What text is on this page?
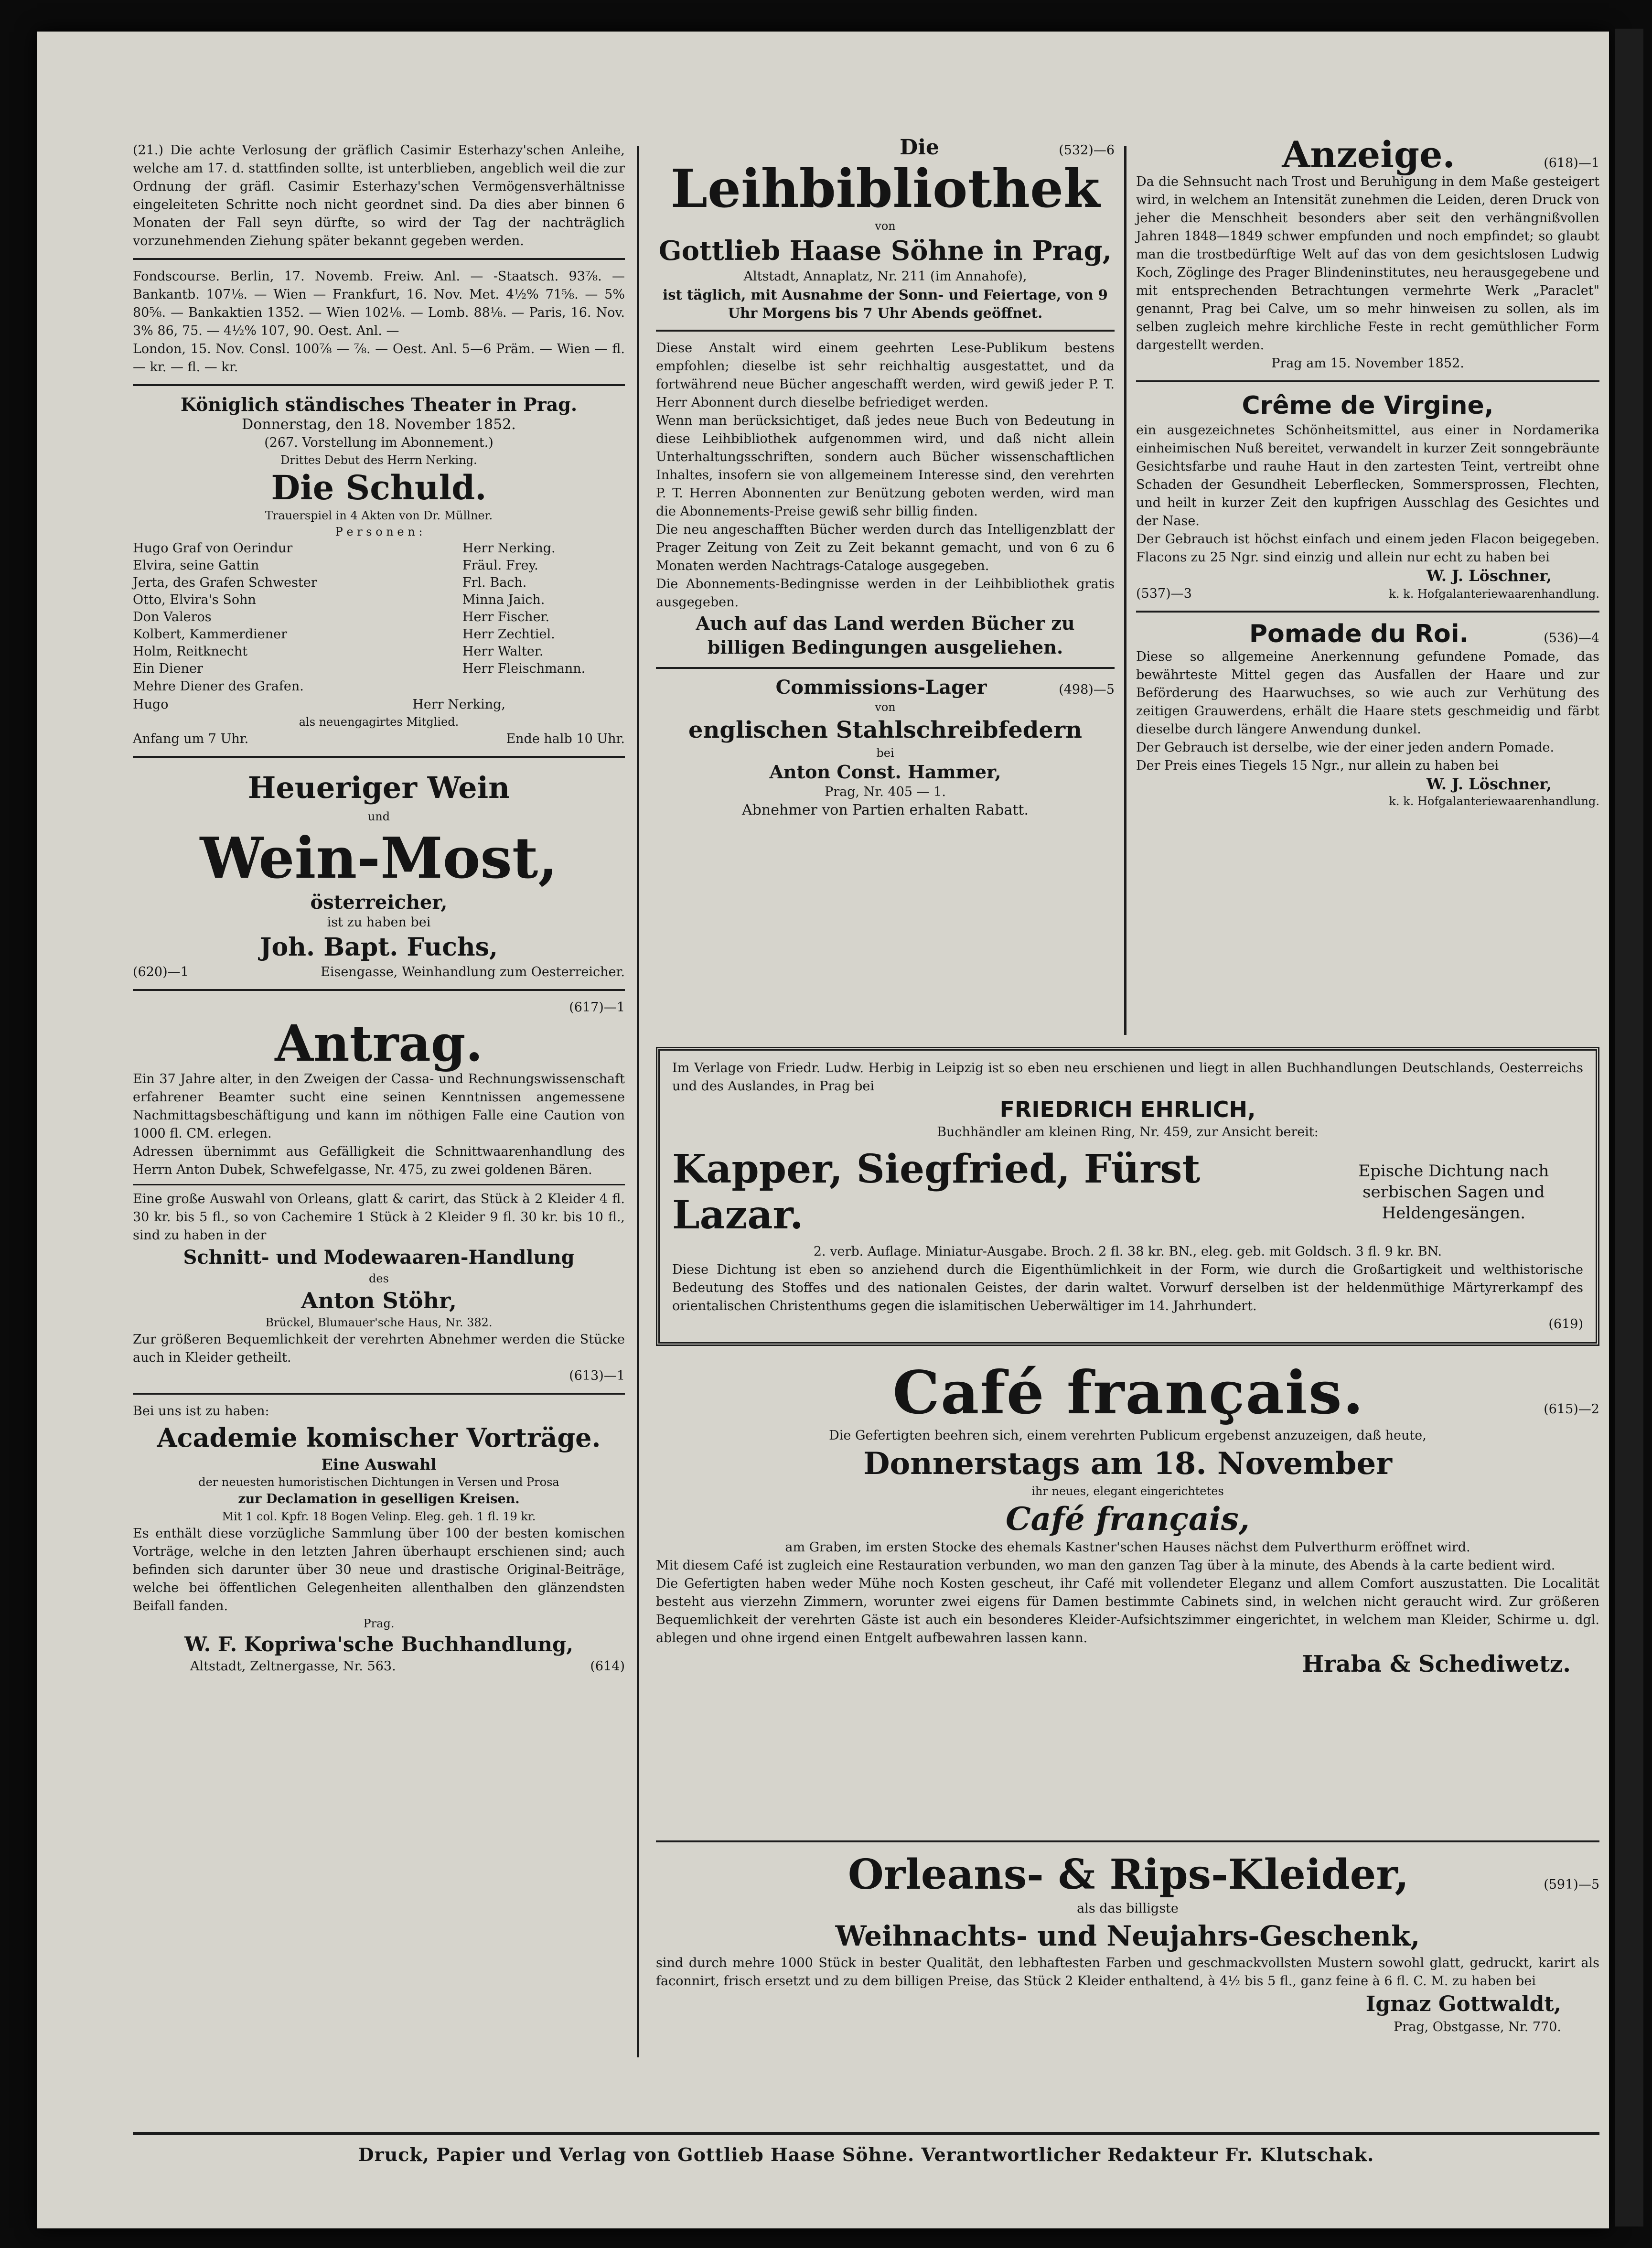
(21.) Die achte Verlosung der gräflich Casimir Esterhazy'schen Anleihe, welche am 17. d. stattfinden sollte, ist unterblieben, angeblich weil die zur Ordnung der gräfl. Casimir Esterhazy'schen Vermögensverhältnisse eingeleiteten Schritte noch nicht geordnet sind. Da dies aber binnen 6 Monaten der Fall seyn dürfte, so wird der Tag der nachträglich vorzunehmenden Ziehung später bekannt gegeben werden.

Fondscourse. Berlin, 17. Novemb. Freiw. Anl. — -Staatsch. 93⅞. — Bankantb. 107⅛. — Wien — Frankfurt, 16. Nov. Met. 4½% 71⅝. — 5% 80⅝. — Bankaktien 1352. — Wien 102⅛. — Lomb. 88⅛. — Paris, 16. Nov. 3% 86, 75. — 4½% 107, 90. Oest. Anl. —

London, 15. Nov. Consl. 100⅞ — ⅞. — Oest. Anl. 5—6 Präm. — Wien — fl. — kr. — fl. — kr.

Königlich ständisches Theater in Prag.

Donnerstag, den 18. November 1852.

(267. Vorstellung im Abonnement.)

Drittes Debut des Herrn Nerking.

Die Schuld.

Trauerspiel in 4 Akten von Dr. Müllner.

P e r s o n e n :

Hugo Graf von Oerindur	Herr Nerking.
Elvira, seine Gattin	Fräul. Frey.
Jerta, des Grafen Schwester	Frl. Bach.
Otto, Elvira's Sohn	Minna Jaich.
Don Valeros	Herr Fischer.
Kolbert, Kammerdiener	Herr Zechtiel.
Holm, Reitknecht	Herr Walter.
Ein Diener	Herr Fleischmann.

Mehre Diener des Grafen.

Hugo	Herr Nerking,

als neuengagirtes Mitglied.

Anfang um 7 Uhr.	Ende halb 10 Uhr.

Heueriger Wein

und

Wein-Most,

österreicher,

ist zu haben bei

Joh. Bapt. Fuchs,

(620)—1	Eisengasse, Weinhandlung zum Oesterreicher.

(617)—1

Antrag.

Ein 37 Jahre alter, in den Zweigen der Cassa- und Rechnungswissenschaft erfahrener Beamter sucht eine seinen Kenntnissen angemessene Nachmittagsbeschäftigung und kann im nöthigen Falle eine Caution von 1000 fl. CM. erlegen.

Adressen übernimmt aus Gefälligkeit die Schnittwaarenhandlung des Herrn Anton Dubek, Schwefelgasse, Nr. 475, zu zwei goldenen Bären.

Eine große Auswahl von Orleans, glatt & carirt, das Stück à 2 Kleider 4 fl. 30 kr. bis 5 fl., so von Cachemire 1 Stück à 2 Kleider 9 fl. 30 kr. bis 10 fl., sind zu haben in der

Schnitt- und Modewaaren-Handlung

des

Anton Stöhr,

Brückel, Blumauer'sche Haus, Nr. 382.

Zur größeren Bequemlichkeit der verehrten Abnehmer werden die Stücke auch in Kleider getheilt.

(613)—1

Bei uns ist zu haben:

Academie komischer Vorträge.

Eine Auswahl

der neuesten humoristischen Dichtungen in Versen und Prosa

zur Declamation in geselligen Kreisen.

Mit 1 col. Kpfr. 18 Bogen Velinp. Eleg. geh. 1 fl. 19 kr.

Es enthält diese vorzügliche Sammlung über 100 der besten komischen Vorträge, welche in den letzten Jahren überhaupt erschienen sind; auch befinden sich darunter über 30 neue und drastische Original-Beiträge, welche bei öffentlichen Gelegenheiten allenthalben den glänzendsten Beifall fanden.

Prag.

W. F. Kopriwa'sche Buchhandlung,

Altstadt, Zeltnergasse, Nr. 563.	(614)
Die	(532)—6

Leihbibliothek

von

Gottlieb Haase Söhne in Prag,

Altstadt, Annaplatz, Nr. 211 (im Annahofe),

ist täglich, mit Ausnahme der Sonn- und Feiertage, von 9 Uhr Morgens bis 7 Uhr Abends geöffnet.

Diese Anstalt wird einem geehrten Lese-Publikum bestens empfohlen; dieselbe ist sehr reichhaltig ausgestattet, und da fortwährend neue Bücher angeschafft werden, wird gewiß jeder P. T. Herr Abonnent durch dieselbe befriediget werden.

Wenn man berücksichtiget, daß jedes neue Buch von Bedeutung in diese Leihbibliothek aufgenommen wird, und daß nicht allein Unterhaltungsschriften, sondern auch Bücher wissenschaftlichen Inhaltes, insofern sie von allgemeinem Interesse sind, den verehrten P. T. Herren Abonnenten zur Benützung geboten werden, wird man die Abonnements-Preise gewiß sehr billig finden.

Die neu angeschafften Bücher werden durch das Intelligenzblatt der Prager Zeitung von Zeit zu Zeit bekannt gemacht, und von 6 zu 6 Monaten werden Nachtrags-Cataloge ausgegeben.

Die Abonnements-Bedingnisse werden in der Leihbibliothek gratis ausgegeben.

Auch auf das Land werden Bücher zu billigen Bedingungen ausgeliehen.

Commissions-Lager	(498)—5

von

englischen Stahlschreibfedern

bei

Anton Const. Hammer,

Prag, Nr. 405 — 1.

Abnehmer von Partien erhalten Rabatt.

Anzeige.	(618)—1

Da die Sehnsucht nach Trost und Beruhigung in dem Maße gesteigert wird, in welchem an Intensität zunehmen die Leiden, deren Druck von jeher die Menschheit besonders aber seit den verhängnißvollen Jahren 1848—1849 schwer empfunden und noch empfindet; so glaubt man die trostbedürftige Welt auf das von dem gesichtslosen Ludwig Koch, Zöglinge des Prager Blindeninstitutes, neu herausgegebene und mit entsprechenden Betrachtungen vermehrte Werk „Paraclet" genannt, Prag bei Calve, um so mehr hinweisen zu sollen, als im selben zugleich mehre kirchliche Feste in recht gemüthlicher Form dargestellt werden.

Prag am 15. November 1852.

Crême de Virgine,

ein ausgezeichnetes Schönheitsmittel, aus einer in Nordamerika einheimischen Nuß bereitet, verwandelt in kurzer Zeit sonngebräunte Gesichtsfarbe und rauhe Haut in den zartesten Teint, vertreibt ohne Schaden der Gesundheit Leberflecken, Sommersprossen, Flechten, und heilt in kurzer Zeit den kupfrigen Ausschlag des Gesichtes und der Nase.

Der Gebrauch ist höchst einfach und einem jeden Flacon beigegeben. Flacons zu 25 Ngr. sind einzig und allein nur echt zu haben bei

W. J. Löschner,

(537)—3	k. k. Hofgalanteriewaarenhandlung.
Pomade du Roi.	(536)—4

Diese so allgemeine Anerkennung gefundene Pomade, das bewährteste Mittel gegen das Ausfallen der Haare und zur Beförderung des Haarwuchses, so wie auch zur Verhütung des zeitigen Grauwerdens, erhält die Haare stets geschmeidig und färbt dieselbe durch längere Anwendung dunkel.

Der Gebrauch ist derselbe, wie der einer jeden andern Pomade.

Der Preis eines Tiegels 15 Ngr., nur allein zu haben bei

W. J. Löschner,

k. k. Hofgalanteriewaarenhandlung.

Im Verlage von Friedr. Ludw. Herbig in Leipzig ist so eben neu erschienen und liegt in allen Buchhandlungen Deutschlands, Oesterreichs und des Auslandes, in Prag bei

FRIEDRICH EHRLICH,

Buchhändler am kleinen Ring, Nr. 459, zur Ansicht bereit:

Kapper, Siegfried, Fürst Lazar.
Epische Dichtung nach serbischen Sagen und Heldengesängen.

2. verb. Auflage. Miniatur-Ausgabe. Broch. 2 fl. 38 kr. BN., eleg. geb. mit Goldsch. 3 fl. 9 kr. BN.

Diese Dichtung ist eben so anziehend durch die Eigenthümlichkeit in der Form, wie durch die Großartigkeit und welthistorische Bedeutung des Stoffes und des nationalen Geistes, der darin waltet. Vorwurf derselben ist der heldenmüthige Märtyrerkampf des orientalischen Christenthums gegen die islamitischen Ueberwältiger im 14. Jahrhundert.

(619)

Café français.	(615)—2

Die Gefertigten beehren sich, einem verehrten Publicum ergebenst anzuzeigen, daß heute,

Donnerstags am 18. November

ihr neues, elegant eingerichtetes

Café français,

am Graben, im ersten Stocke des ehemals Kastner'schen Hauses nächst dem Pulverthurm eröffnet wird.

Mit diesem Café ist zugleich eine Restauration verbunden, wo man den ganzen Tag über à la minute, des Abends à la carte bedient wird.

Die Gefertigten haben weder Mühe noch Kosten gescheut, ihr Café mit vollendeter Eleganz und allem Comfort auszustatten. Die Localität besteht aus vierzehn Zimmern, worunter zwei eigens für Damen bestimmte Cabinets sind, in welchen nicht geraucht wird. Zur größeren Bequemlichkeit der verehrten Gäste ist auch ein besonderes Kleider-Aufsichtszimmer eingerichtet, in welchem man Kleider, Schirme u. dgl. ablegen und ohne irgend einen Entgelt aufbewahren lassen kann.

Hraba & Schediwetz.

Orleans- & Rips-Kleider,	(591)—5

als das billigste

Weihnachts- und Neujahrs-Geschenk,

sind durch mehre 1000 Stück in bester Qualität, den lebhaftesten Farben und geschmackvollsten Mustern sowohl glatt, gedruckt, karirt als faconnirt, frisch ersetzt und zu dem billigen Preise, das Stück 2 Kleider enthaltend, à 4½ bis 5 fl., ganz feine à 6 fl. C. M. zu haben bei

Ignaz Gottwaldt,

Prag, Obstgasse, Nr. 770.

Druck, Papier und Verlag von Gottlieb Haase Söhne. Verantwortlicher Redakteur Fr. Klutschak.
